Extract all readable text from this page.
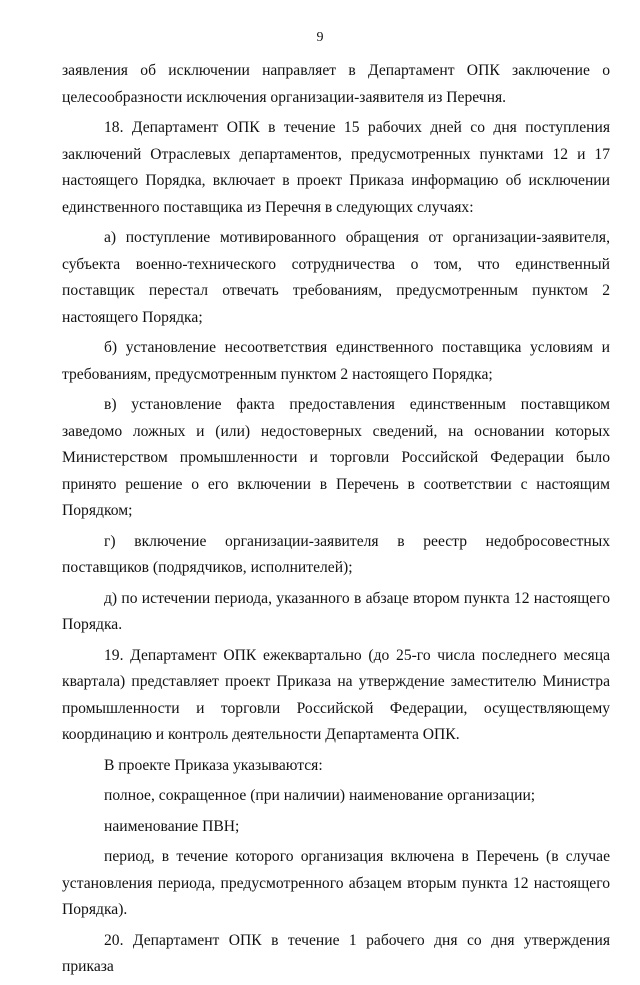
9

заявления об исключении направляет в Департамент ОПК заключение о целесообразности исключения организации-заявителя из Перечня.

18. Департамент ОПК в течение 15 рабочих дней со дня поступления заключений Отраслевых департаментов, предусмотренных пунктами 12 и 17 настоящего Порядка, включает в проект Приказа информацию об исключении единственного поставщика из Перечня в следующих случаях:

а) поступление мотивированного обращения от организации-заявителя, субъекта военно-технического сотрудничества о том, что единственный поставщик перестал отвечать требованиям, предусмотренным пунктом 2 настоящего Порядка;

б) установление несоответствия единственного поставщика условиям и требованиям, предусмотренным пунктом 2 настоящего Порядка;

в) установление факта предоставления единственным поставщиком заведомо ложных и (или) недостоверных сведений, на основании которых Министерством промышленности и торговли Российской Федерации было принято решение о его включении в Перечень в соответствии с настоящим Порядком;

г) включение организации-заявителя в реестр недобросовестных поставщиков (подрядчиков, исполнителей);

д) по истечении периода, указанного в абзаце втором пункта 12 настоящего Порядка.

19. Департамент ОПК ежеквартально (до 25-го числа последнего месяца квартала) представляет проект Приказа на утверждение заместителю Министра промышленности и торговли Российской Федерации, осуществляющему координацию и контроль деятельности Департамента ОПК.

В проекте Приказа указываются:

полное, сокращенное (при наличии) наименование организации;

наименование ПВН;

период, в течение которого организация включена в Перечень (в случае установления периода, предусмотренного абзацем вторым пункта 12 настоящего Порядка).

20. Департамент ОПК в течение 1 рабочего дня со дня утверждения приказа
